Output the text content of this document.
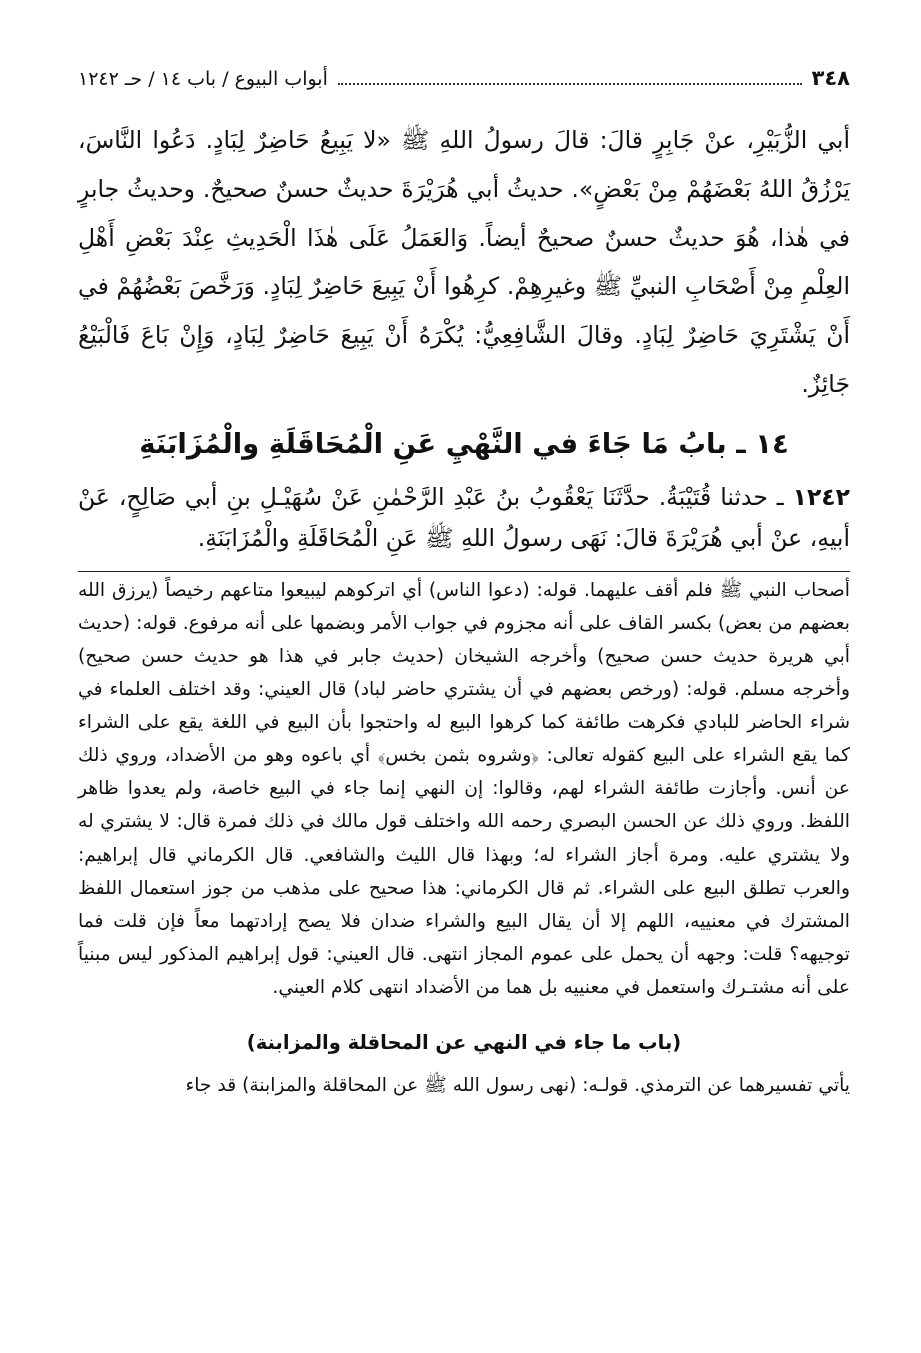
٣٤٨
أبواب البيوع / باب ١٤ / حـ ١٢٤٢
أبي الزُّبَيْرِ، عنْ جَابِرٍ قالَ: قالَ رسولُ اللهِ ﷺ «لا يَبِيعُ حَاضِرٌ لِبَادٍ. دَعُوا النَّاسَ، يَرْزُقُ اللهُ بَعْضَهُمْ مِنْ بَعْضٍ». حديثُ أبي هُرَيْرَةَ حديثٌ حسنٌ صحيحٌ. وحديثُ جابرٍ في هٰذا، هُوَ حديثٌ حسنٌ صحيحٌ أيضاً. وَالعَمَلُ عَلَى هٰذَا الْحَدِيثِ عِنْدَ بَعْضِ أَهْلِ العِلْمِ مِنْ أَصْحَابِ النبيِّ ﷺ وغيرِهِمْ. كرِهُوا أَنْ يَبِيعَ حَاضِرٌ لِبَادٍ. وَرَخَّصَ بَعْضُهُمْ في أَنْ يَشْتَرِيَ حَاضِرٌ لِبَادٍ. وقالَ الشَّافِعِيُّ: يُكْرَهُ أَنْ يَبِيعَ حَاضِرٌ لِبَادٍ، وَإِنْ بَاعَ فَالْبَيْعُ جَائِزٌ.
١٤ ـ بابُ مَا جَاءَ في النَّهْيِ عَنِ الْمُحَاقَلَةِ والْمُزَابَنَةِ
١٢٤٢ ـ حدثنا قُتَيْبَةُ. حدَّثَنَا يَعْقُوبُ بنُ عَبْدِ الرَّحْمٰنِ عَنْ سُهَيْـلِ بنِ أبي صَالِحٍ، عَنْ أبيهِ، عنْ أبي هُرَيْرَةَ قالَ: نَهَى رسولُ اللهِ ﷺ عَنِ الْمُحَاقَلَةِ والْمُزَابَنَةِ.
أصحاب النبي ﷺ فلم أقف عليهما. قوله: (دعوا الناس) أي اتركوهم ليبيعوا متاعهم رخيصاً (يرزق الله بعضهم من بعض) بكسر القاف على أنه مجزوم في جواب الأمر وبضمها على أنه مرفوع. قوله: (حديث أبي هريرة حديث حسن صحيح) وأخرجه الشيخان (حديث جابر في هذا هو حديث حسن صحيح) وأخرجه مسلم. قوله: (ورخص بعضهم في أن يشتري حاضر لباد) قال العيني: وقد اختلف العلماء في شراء الحاضر للبادي فكرهت طائفة كما كرهوا البيع له واحتجوا بأن البيع في اللغة يقع على الشراء كما يقع الشراء على البيع كقوله تعالى: ﴿وشروه بثمن بخس﴾ أي باعوه وهو من الأضداد، وروي ذلك عن أنس. وأجازت طائفة الشراء لهم، وقالوا: إن النهي إنما جاء في البيع خاصة، ولم يعدوا ظاهر اللفظ. وروي ذلك عن الحسن البصري رحمه الله واختلف قول مالك في ذلك فمرة قال: لا يشتري له ولا يشتري عليه. ومرة أجاز الشراء له؛ وبهذا قال الليث والشافعي. قال الكرماني قال إبراهيم: والعرب تطلق البيع على الشراء. ثم قال الكرماني: هذا صحيح على مذهب من جوز استعمال اللفظ المشترك في معنييه، اللهم إلا أن يقال البيع والشراء ضدان فلا يصح إرادتهما معاً فإن قلت فما توجيهه؟ قلت: وجهه أن يحمل على عموم المجاز انتهى. قال العيني: قول إبراهيم المذكور ليس مبنياً على أنه مشتـرك واستعمل في معنييه بل هما من الأضداد انتهى كلام العيني.
(باب ما جاء في النهي عن المحاقلة والمزابنة)
يأتي تفسيرهما عن الترمذي. قولـه: (نهى رسول الله ﷺ عن المحاقلة والمزابنة) قد جاء
